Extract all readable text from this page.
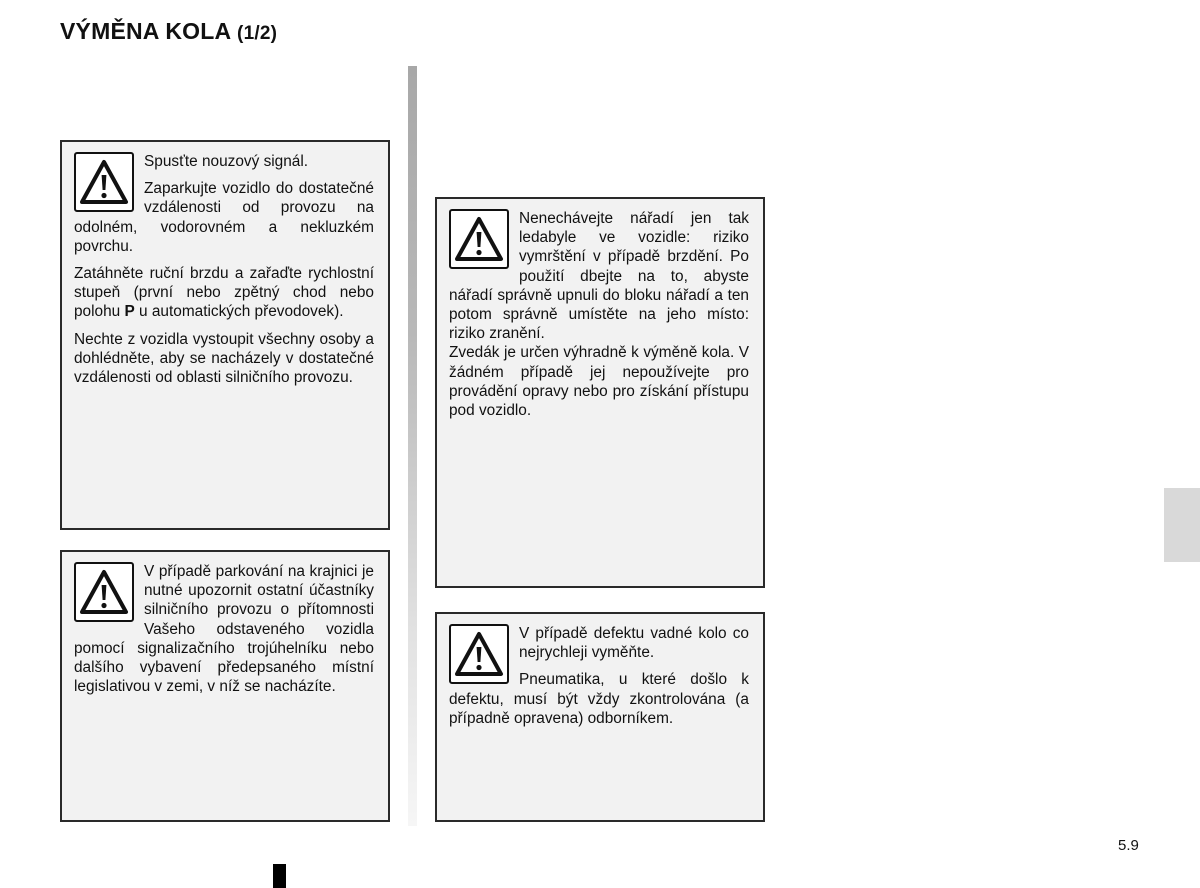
VÝMĚNA KOLA (1/2)

Spusťte nouzový signál.

Zaparkujte vozidlo do dostatečné vzdálenosti od provozu na odolném, vodorovném a nekluzkém povrchu.

Zatáhněte ruční brzdu a zařaďte rychlostní stupeň (první nebo zpětný chod nebo polohu P u automatických převodovek).

Nechte z vozidla vystoupit všechny osoby a dohlédněte, aby se nacházely v dostatečné vzdálenosti od oblasti silničního provozu.

V případě parkování na krajnici je nutné upozornit ostatní účastníky silničního provozu o přítomnosti Vašeho odstaveného vozidla pomocí signalizačního trojúhelníku nebo dalšího vybavení předepsaného místní legislativou v zemi, v níž se nacházíte.

Nenechávejte nářadí jen tak ledabyle ve vozidle: riziko vymrštění v případě brzdění. Po použití dbejte na to, abyste nářadí správně upnuli do bloku nářadí a ten potom správně umístěte na jeho místo: riziko zranění.

Zvedák je určen výhradně k výměně kola. V žádném případě jej nepoužívejte pro provádění opravy nebo pro získání přístupu pod vozidlo.

V případě defektu vadné kolo co nejrychleji vyměňte.

Pneumatika, u které došlo k defektu, musí být vždy zkontrolována (a případně opravena) odborníkem.

5.9
